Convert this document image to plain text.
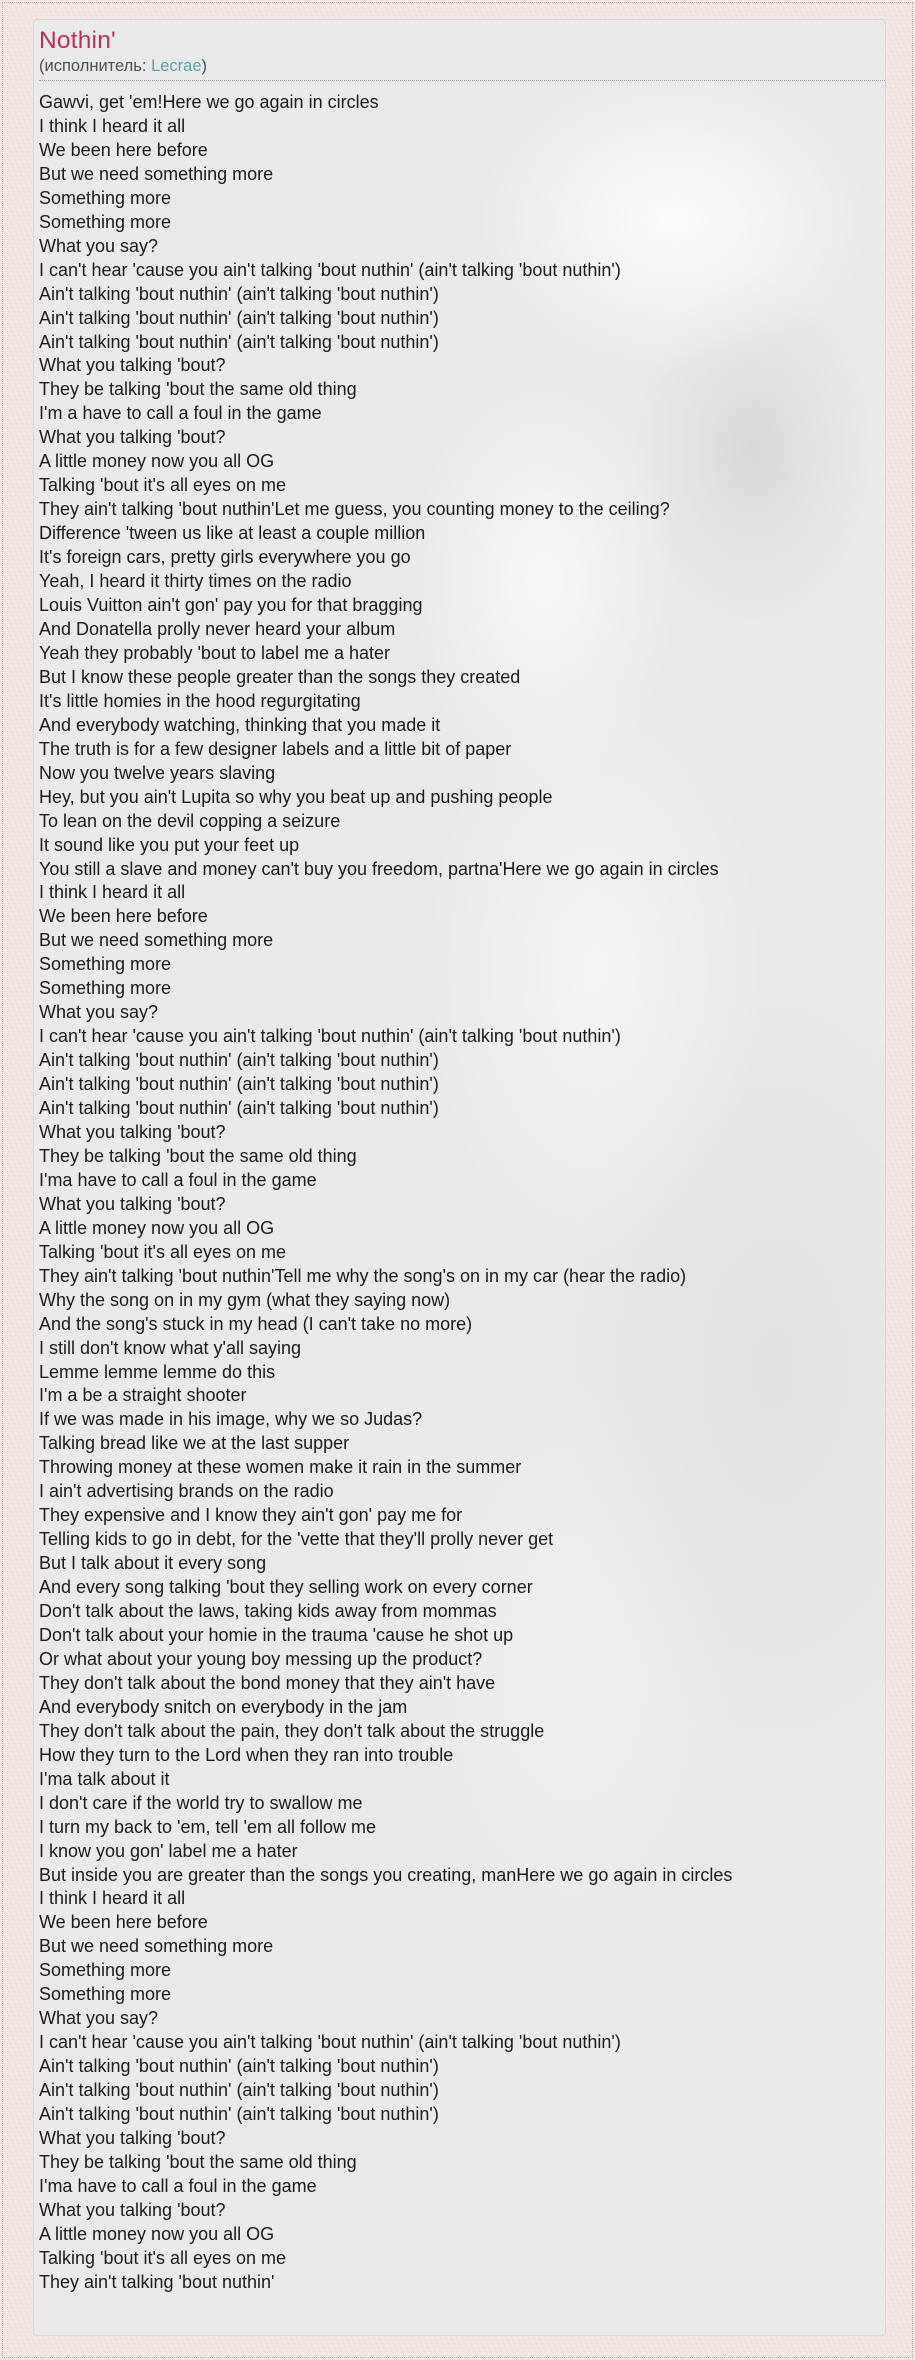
Nothin'
(исполнитель: Lecrae)
Gawvi, get 'em!Here we go again in circles
I think I heard it all
We been here before
But we need something more
Something more
Something more
What you say?
I can't hear 'cause you ain't talking 'bout nuthin' (ain't talking 'bout nuthin')
Ain't talking 'bout nuthin' (ain't talking 'bout nuthin')
Ain't talking 'bout nuthin' (ain't talking 'bout nuthin')
Ain't talking 'bout nuthin' (ain't talking 'bout nuthin')
What you talking 'bout?
They be talking 'bout the same old thing
I'm a have to call a foul in the game
What you talking 'bout?
A little money now you all OG
Talking 'bout it's all eyes on me
They ain't talking 'bout nuthin'Let me guess, you counting money to the ceiling?
Difference 'tween us like at least a couple million
It's foreign cars, pretty girls everywhere you go
Yeah, I heard it thirty times on the radio
Louis Vuitton ain't gon' pay you for that bragging
And Donatella prolly never heard your album
Yeah they probably 'bout to label me a hater
But I know these people greater than the songs they created
It's little homies in the hood regurgitating
And everybody watching, thinking that you made it
The truth is for a few designer labels and a little bit of paper
Now you twelve years slaving
Hey, but you ain't Lupita so why you beat up and pushing people
To lean on the devil copping a seizure
It sound like you put your feet up
You still a slave and money can't buy you freedom, partna'Here we go again in circles
I think I heard it all
We been here before
But we need something more
Something more
Something more
What you say?
I can't hear 'cause you ain't talking 'bout nuthin' (ain't talking 'bout nuthin')
Ain't talking 'bout nuthin' (ain't talking 'bout nuthin')
Ain't talking 'bout nuthin' (ain't talking 'bout nuthin')
Ain't talking 'bout nuthin' (ain't talking 'bout nuthin')
What you talking 'bout?
They be talking 'bout the same old thing
I'ma have to call a foul in the game
What you talking 'bout?
A little money now you all OG
Talking 'bout it's all eyes on me
They ain't talking 'bout nuthin'Tell me why the song's on in my car (hear the radio)
Why the song on in my gym (what they saying now)
And the song's stuck in my head (I can't take no more)
I still don't know what y'all saying
Lemme lemme lemme do this
I'm a be a straight shooter
If we was made in his image, why we so Judas?
Talking bread like we at the last supper
Throwing money at these women make it rain in the summer
I ain't advertising brands on the radio
They expensive and I know they ain't gon' pay me for
Telling kids to go in debt, for the 'vette that they'll prolly never get
But I talk about it every song
And every song talking 'bout they selling work on every corner
Don't talk about the laws, taking kids away from mommas
Don't talk about your homie in the trauma 'cause he shot up
Or what about your young boy messing up the product?
They don't talk about the bond money that they ain't have
And everybody snitch on everybody in the jam
They don't talk about the pain, they don't talk about the struggle
How they turn to the Lord when they ran into trouble
I'ma talk about it
I don't care if the world try to swallow me
I turn my back to 'em, tell 'em all follow me
I know you gon' label me a hater
But inside you are greater than the songs you creating, manHere we go again in circles
I think I heard it all
We been here before
But we need something more
Something more
Something more
What you say?
I can't hear 'cause you ain't talking 'bout nuthin' (ain't talking 'bout nuthin')
Ain't talking 'bout nuthin' (ain't talking 'bout nuthin')
Ain't talking 'bout nuthin' (ain't talking 'bout nuthin')
Ain't talking 'bout nuthin' (ain't talking 'bout nuthin')
What you talking 'bout?
They be talking 'bout the same old thing
I'ma have to call a foul in the game
What you talking 'bout?
A little money now you all OG
Talking 'bout it's all eyes on me
They ain't talking 'bout nuthin'
